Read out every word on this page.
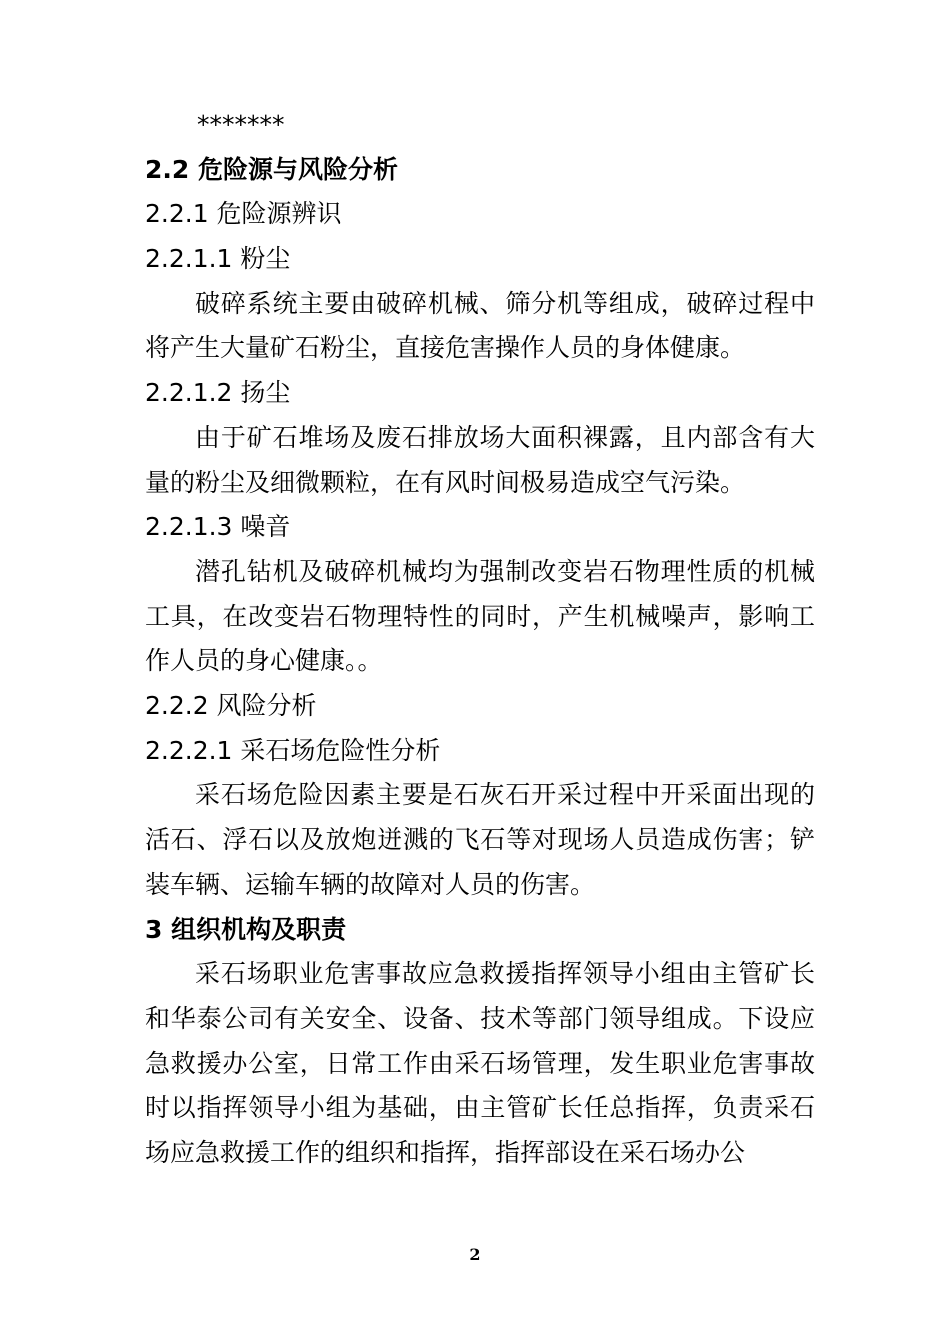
*******
2.2 危险源与风险分析
2.2.1 危险源辨识
2.2.1.1 粉尘

破碎系统主要由破碎机械、筛分机等组成，破碎过程中将产生大量矿石粉尘，直接危害操作人员的身体健康。

2.2.1.2 扬尘

由于矿石堆场及废石排放场大面积裸露，且内部含有大量的粉尘及细微颗粒，在有风时间极易造成空气污染。

2.2.1.3 噪音

潜孔钻机及破碎机械均为强制改变岩石物理性质的机械工具，在改变岩石物理特性的同时，产生机械噪声，影响工作人员的身心健康。。

2.2.2 风险分析
2.2.2.1 采石场危险性分析

采石场危险因素主要是石灰石开采过程中开采面出现的活石、浮石以及放炮迸溅的飞石等对现场人员造成伤害；铲装车辆、运输车辆的故障对人员的伤害。

3 组织机构及职责

采石场职业危害事故应急救援指挥领导小组由主管矿长和华泰公司有关安全、设备、技术等部门领导组成。下设应急救援办公室，日常工作由采石场管理，发生职业危害事故时以指挥领导小组为基础，由主管矿长任总指挥，负责采石场应急救援工作的组织和指挥，指挥部设在采石场办公

2
